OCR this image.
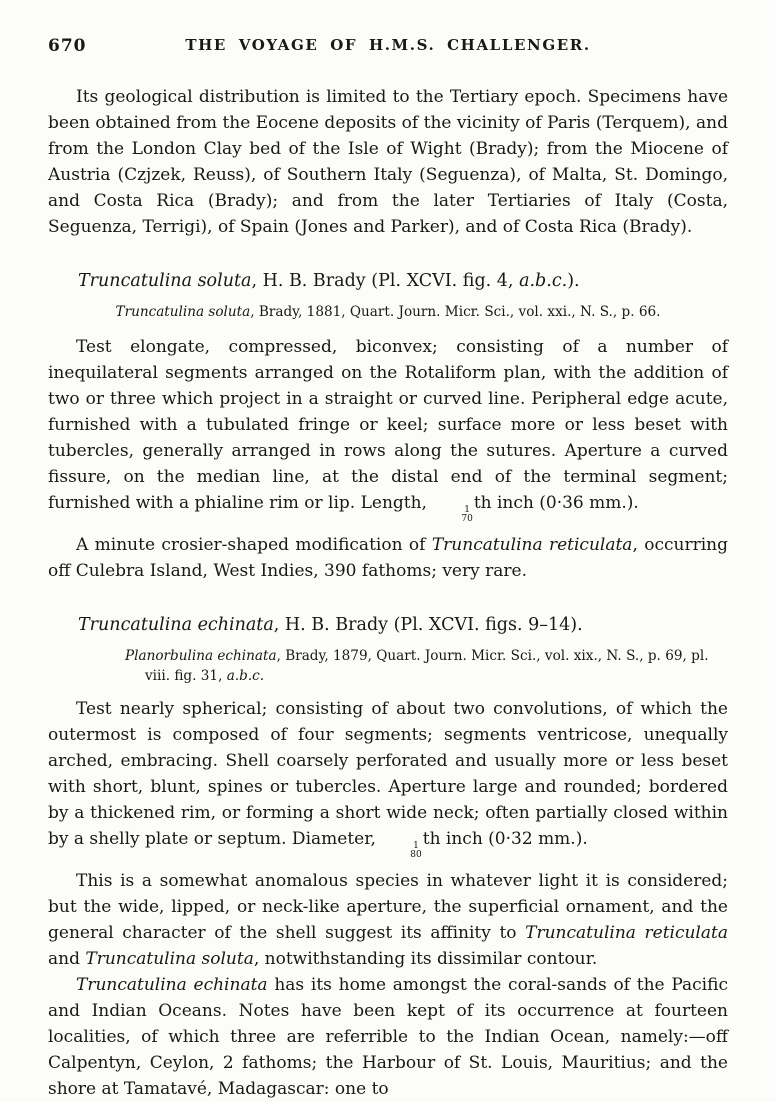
670	THE VOYAGE OF H.M.S. CHALLENGER.

Its geological distribution is limited to the Tertiary epoch. Specimens have been obtained from the Eocene deposits of the vicinity of Paris (Terquem), and from the London Clay bed of the Isle of Wight (Brady); from the Miocene of Austria (Czjzek, Reuss), of Southern Italy (Seguenza), of Malta, St. Domingo, and Costa Rica (Brady); and from the later Tertiaries of Italy (Costa, Seguenza, Terrigi), of Spain (Jones and Parker), and of Costa Rica (Brady).

Truncatulina soluta, H. B. Brady (Pl. XCVI. fig. 4, a.b.c.).

Truncatulina soluta, Brady, 1881, Quart. Journ. Micr. Sci., vol. xxi., N. S., p. 66.

Test elongate, compressed, biconvex; consisting of a number of inequilateral segments arranged on the Rotaliform plan, with the addition of two or three which project in a straight or curved line. Peripheral edge acute, furnished with a tubulated fringe or keel; surface more or less beset with tubercles, generally arranged in rows along the sutures. Aperture a curved fissure, on the median line, at the distal end of the terminal segment; furnished with a phialine rim or lip. Length,	1
70
th inch (0·36 mm.).

A minute crosier-shaped modification of Truncatulina reticulata, occurring off Culebra Island, West Indies, 390 fathoms; very rare.

Truncatulina echinata, H. B. Brady (Pl. XCVI. figs. 9–14).

Planorbulina echinata, Brady, 1879, Quart. Journ. Micr. Sci., vol. xix., N. S., p. 69, pl. viii. fig. 31, a.b.c.

Test nearly spherical; consisting of about two convolutions, of which the outermost is composed of four segments; segments ventricose, unequally arched, embracing. Shell coarsely perforated and usually more or less beset with short, blunt, spines or tubercles. Aperture large and rounded; bordered by a thickened rim, or forming a short wide neck; often partially closed within by a shelly plate or septum. Diameter,	1
80
th inch (0·32 mm.).

This is a somewhat anomalous species in whatever light it is considered; but the wide, lipped, or neck-like aperture, the superficial ornament, and the general character of the shell suggest its affinity to Truncatulina reticulata and Truncatulina soluta, notwithstanding its dissimilar contour.

Truncatulina echinata has its home amongst the coral-sands of the Pacific and Indian Oceans. Notes have been kept of its occurrence at fourteen localities, of which three are referrible to the Indian Ocean, namely:—off Calpentyn, Ceylon, 2 fathoms; the Harbour of St. Louis, Mauritius; and the shore at Tamatavé, Madagascar: one to
